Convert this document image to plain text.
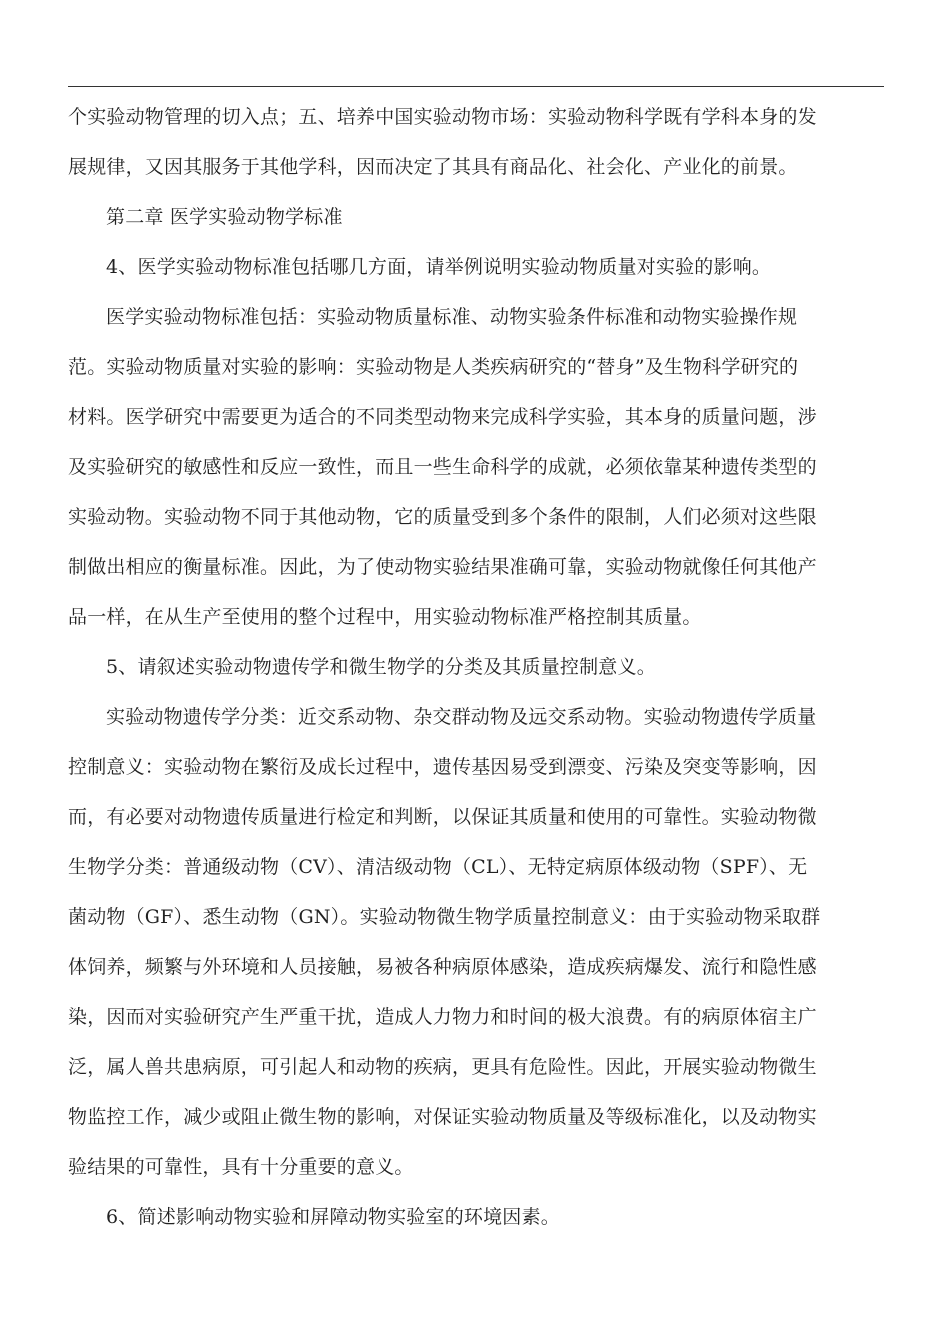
个实验动物管理的切入点；五、培养中国实验动物市场：实验动物科学既有学科本身的发
展规律，又因其服务于其他学科，因而决定了其具有商品化、社会化、产业化的前景。
第二章 医学实验动物学标准
4、医学实验动物标准包括哪几方面，请举例说明实验动物质量对实验的影响。
医学实验动物标准包括：实验动物质量标准、动物实验条件标准和动物实验操作规
范。实验动物质量对实验的影响：实验动物是人类疾病研究的“替身”及生物科学研究的
材料。医学研究中需要更为适合的不同类型动物来完成科学实验，其本身的质量问题，涉
及实验研究的敏感性和反应一致性，而且一些生命科学的成就，必须依靠某种遗传类型的
实验动物。实验动物不同于其他动物，它的质量受到多个条件的限制，人们必须对这些限
制做出相应的衡量标准。因此，为了使动物实验结果准确可靠，实验动物就像任何其他产
品一样，在从生产至使用的整个过程中，用实验动物标准严格控制其质量。
5、请叙述实验动物遗传学和微生物学的分类及其质量控制意义。
实验动物遗传学分类：近交系动物、杂交群动物及远交系动物。实验动物遗传学质量
控制意义：实验动物在繁衍及成长过程中，遗传基因易受到漂变、污染及突变等影响，因
而，有必要对动物遗传质量进行检定和判断，以保证其质量和使用的可靠性。实验动物微
生物学分类：普通级动物（CV）、清洁级动物（CL）、无特定病原体级动物（SPF）、无
菌动物（GF）、悉生动物（GN）。实验动物微生物学质量控制意义：由于实验动物采取群
体饲养，频繁与外环境和人员接触，易被各种病原体感染，造成疾病爆发、流行和隐性感
染，因而对实验研究产生严重干扰，造成人力物力和时间的极大浪费。有的病原体宿主广
泛，属人兽共患病原，可引起人和动物的疾病，更具有危险性。因此，开展实验动物微生
物监控工作，减少或阻止微生物的影响，对保证实验动物质量及等级标准化，以及动物实
验结果的可靠性，具有十分重要的意义。
6、简述影响动物实验和屏障动物实验室的环境因素。
